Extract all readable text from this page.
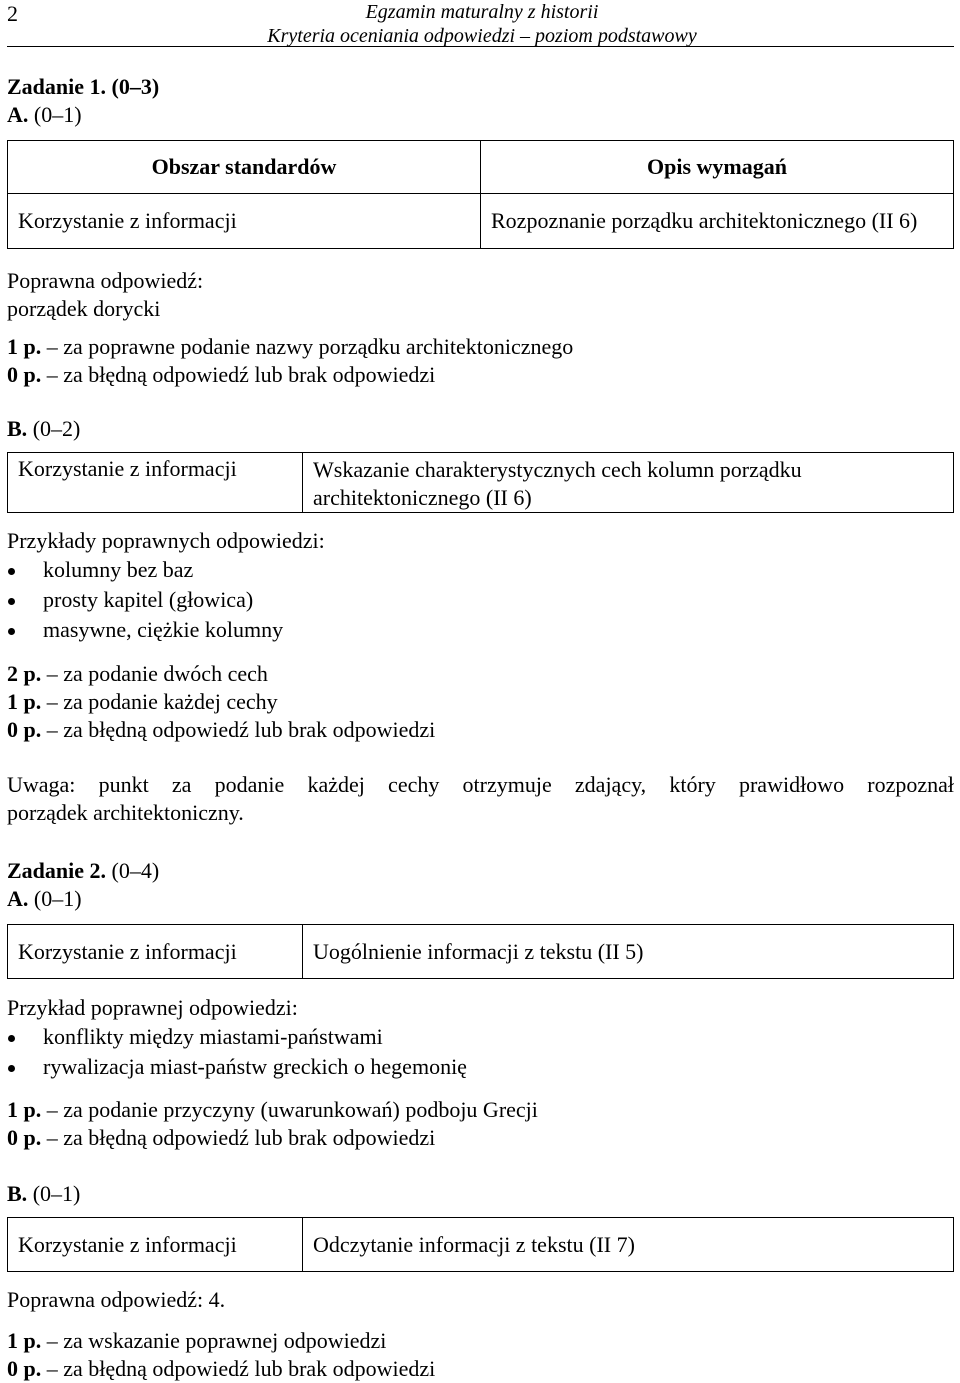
2	Egzamin maturalny z historii
Kryteria oceniania odpowiedzi – poziom podstawowy
Zadanie 1. (0–3)
A. (0–1)
Obszar standardów	Opis wymagań
Korzystanie z informacji	Rozpoznanie porządku architektonicznego (II 6)
Poprawna odpowiedź:
porządek dorycki
1 p. – za poprawne podanie nazwy porządku architektonicznego
0 p. – za błędną odpowiedź lub brak odpowiedzi
B. (0–2)
Korzystanie z informacji	Wskazanie charakterystycznych cech kolumn porządku architektonicznego (II 6)
Przykłady poprawnych odpowiedzi:
kolumny bez baz
prosty kapitel (głowica)
masywne, ciężkie kolumny
2 p. – za podanie dwóch cech
1 p. – za podanie każdej cechy
0 p. – za błędną odpowiedź lub brak odpowiedzi
Uwaga: punkt za podanie każdej cechy otrzymuje zdający, który prawidłowo rozpoznał
porządek architektoniczny.
Zadanie 2. (0–4)
A. (0–1)
Korzystanie z informacji	Uogólnienie informacji z tekstu (II 5)
Przykład poprawnej odpowiedzi:
konflikty między miastami-państwami
rywalizacja miast-państw greckich o hegemonię
1 p. – za podanie przyczyny (uwarunkowań) podboju Grecji
0 p. – za błędną odpowiedź lub brak odpowiedzi
B. (0–1)
Korzystanie z informacji	Odczytanie informacji z tekstu (II 7)
Poprawna odpowiedź: 4.
1 p. – za wskazanie poprawnej odpowiedzi
0 p. – za błędną odpowiedź lub brak odpowiedzi
